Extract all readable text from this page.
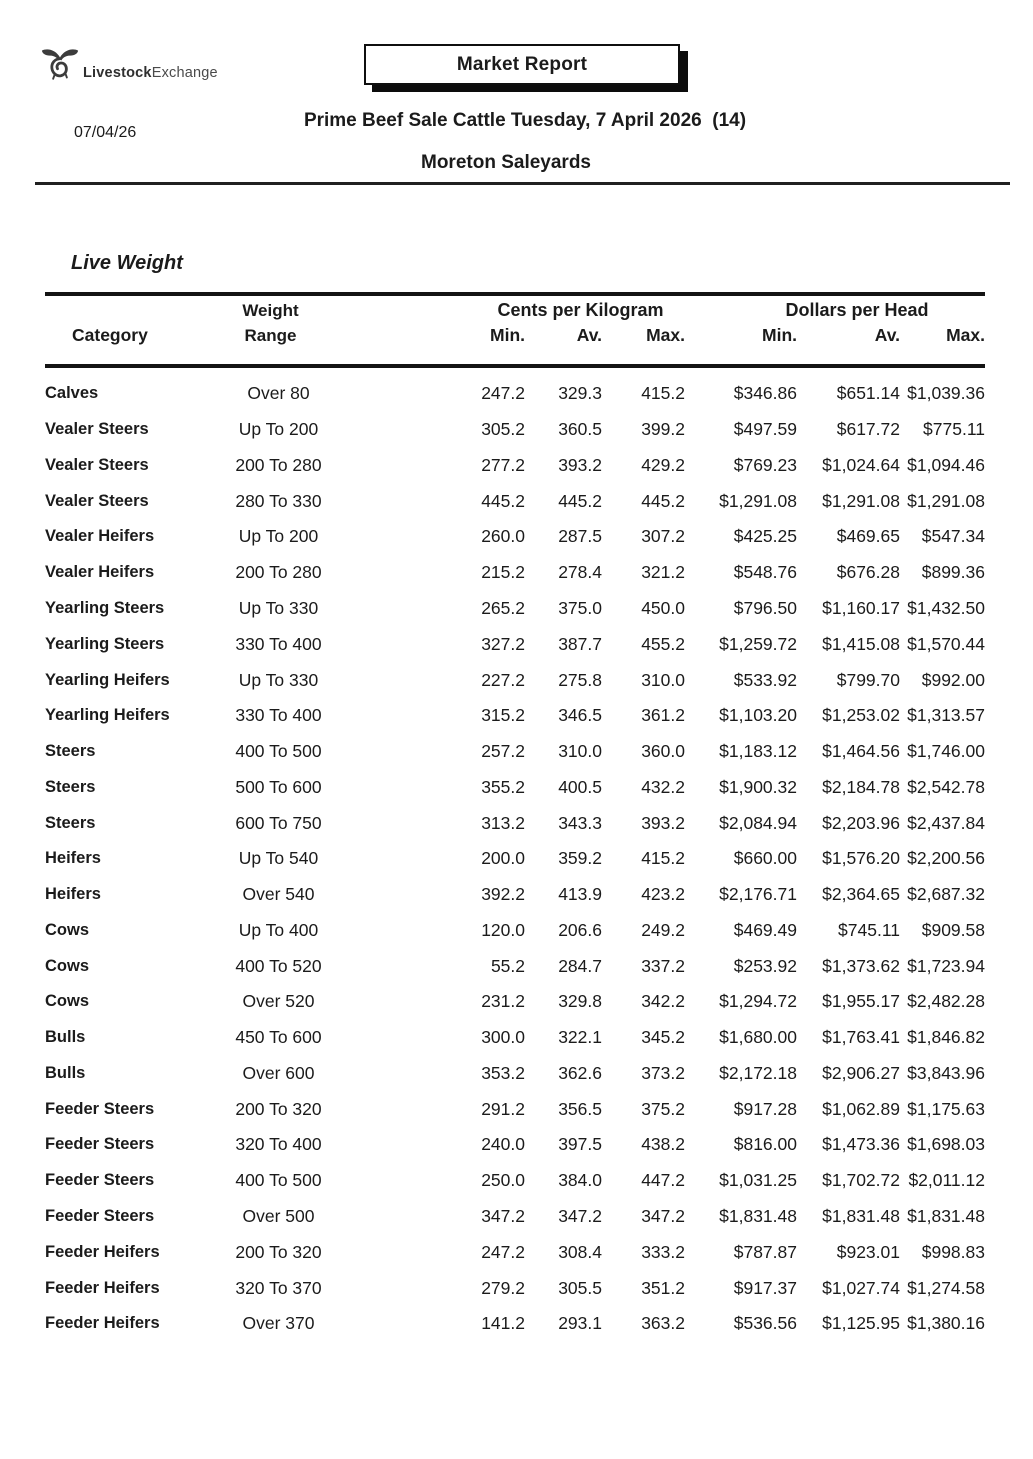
LivestockExchange	Market Report
07/04/26
Prime Beef Sale Cattle Tuesday, 7 April 2026  (14)
Moreton Saleyards
Live Weight
Weight	Cents per Kilogram	Dollars per Head
Category	Range	Min.	Av.	Max.	Min.	Av.	Max.
Calves	Over 80	247.2	329.3	415.2	$346.86	$651.14 $1,039.36
Vealer Steers	Up To 200	305.2	360.5	399.2	$497.59	$617.72	$775.11
Vealer Steers	200 To 280	277.2	393.2	429.2	$769.23	$1,024.64 $1,094.46
Vealer Steers	280 To 330	445.2	445.2	445.2	$1,291.08	$1,291.08 $1,291.08
Vealer Heifers	Up To 200	260.0	287.5	307.2	$425.25	$469.65	$547.34
Vealer Heifers	200 To 280	215.2	278.4	321.2	$548.76	$676.28	$899.36
Yearling Steers	Up To 330	265.2	375.0	450.0	$796.50	$1,160.17 $1,432.50
Yearling Steers	330 To 400	327.2	387.7	455.2	$1,259.72	$1,415.08 $1,570.44
Yearling Heifers	Up To 330	227.2	275.8	310.0	$533.92	$799.70	$992.00
Yearling Heifers	330 To 400	315.2	346.5	361.2	$1,103.20	$1,253.02 $1,313.57
Steers	400 To 500	257.2	310.0	360.0	$1,183.12	$1,464.56 $1,746.00
Steers	500 To 600	355.2	400.5	432.2	$1,900.32	$2,184.78 $2,542.78
Steers	600 To 750	313.2	343.3	393.2	$2,084.94	$2,203.96 $2,437.84
Heifers	Up To 540	200.0	359.2	415.2	$660.00	$1,576.20 $2,200.56
Heifers	Over 540	392.2	413.9	423.2	$2,176.71	$2,364.65 $2,687.32
Cows	Up To 400	120.0	206.6	249.2	$469.49	$745.11	$909.58
Cows	400 To 520	55.2	284.7	337.2	$253.92	$1,373.62 $1,723.94
Cows	Over 520	231.2	329.8	342.2	$1,294.72	$1,955.17 $2,482.28
Bulls	450 To 600	300.0	322.1	345.2	$1,680.00	$1,763.41 $1,846.82
Bulls	Over 600	353.2	362.6	373.2	$2,172.18	$2,906.27 $3,843.96
Feeder Steers	200 To 320	291.2	356.5	375.2	$917.28	$1,062.89 $1,175.63
Feeder Steers	320 To 400	240.0	397.5	438.2	$816.00	$1,473.36 $1,698.03
Feeder Steers	400 To 500	250.0	384.0	447.2	$1,031.25	$1,702.72 $2,011.12
Feeder Steers	Over 500	347.2	347.2	347.2	$1,831.48	$1,831.48 $1,831.48
Feeder Heifers	200 To 320	247.2	308.4	333.2	$787.87	$923.01	$998.83
Feeder Heifers	320 To 370	279.2	305.5	351.2	$917.37	$1,027.74 $1,274.58
Feeder Heifers	Over 370	141.2	293.1	363.2	$536.56	$1,125.95 $1,380.16
